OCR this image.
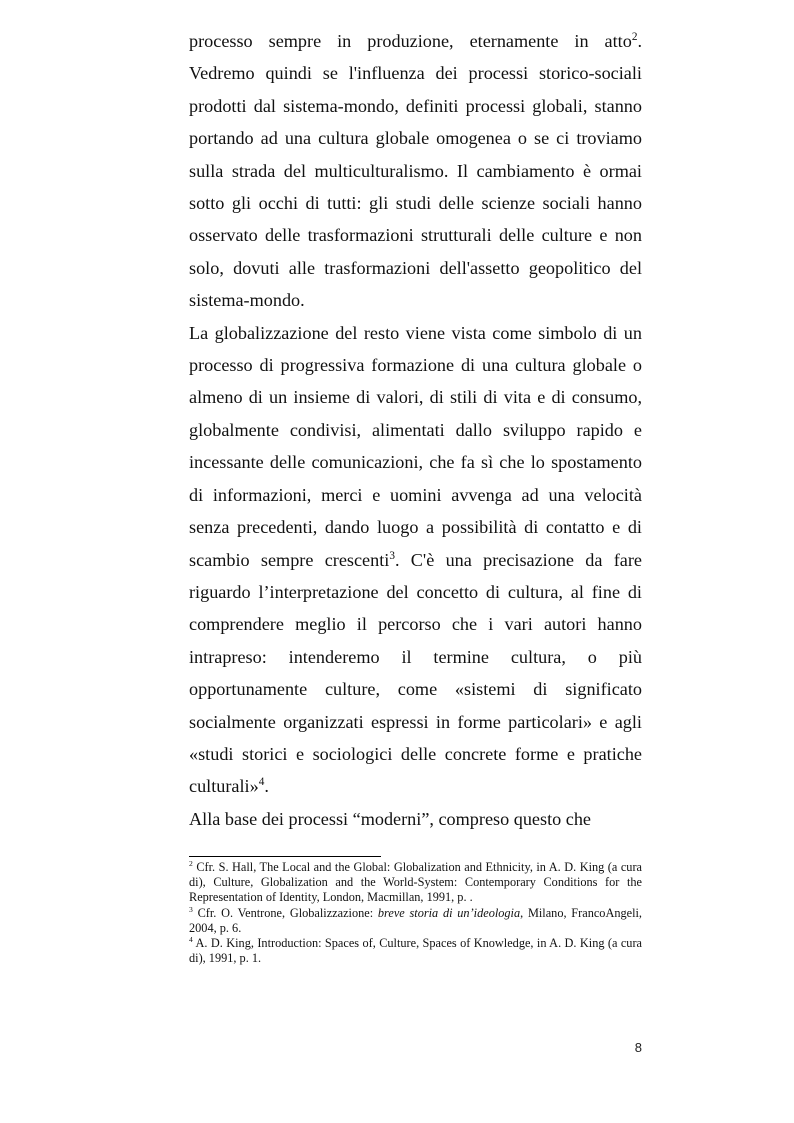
processo sempre in produzione, eternamente in atto$^2$. Vedremo quindi se l'influenza dei processi storico-sociali prodotti dal sistema-mondo, definiti processi globali, stanno portando ad una cultura globale omogenea o se ci troviamo sulla strada del multiculturalismo. Il cambiamento è ormai sotto gli occhi di tutti: gli studi delle scienze sociali hanno osservato delle trasformazioni strutturali delle culture e non solo, dovuti alle trasformazioni dell'assetto geopolitico del sistema-mondo.

La globalizzazione del resto viene vista come simbolo di un processo di progressiva formazione di una cultura globale o almeno di un insieme di valori, di stili di vita e di consumo, globalmente condivisi, alimentati dallo sviluppo rapido e incessante delle comunicazioni, che fa sì che lo spostamento di informazioni, merci e uomini avvenga ad una velocità senza precedenti, dando luogo a possibilità di contatto e di scambio sempre crescenti$^3$. C'è una precisazione da fare riguardo l’interpretazione del concetto di cultura, al fine di comprendere meglio il percorso che i vari autori hanno intrapreso: intenderemo il termine cultura, o più opportunamente culture, come «sistemi di significato socialmente organizzati espressi in forme particolari» e agli «studi storici e sociologici delle concrete forme e pratiche culturali»$^4$.

Alla base dei processi “moderni”, compreso questo che

$^2$ Cfr. S. Hall, The Local and the Global: Globalization and Ethnicity, in A. D. King (a cura di), Culture, Globalization and the World-System: Contemporary Conditions for the Representation of Identity, London, Macmillan, 1991, p. .

$^3$ Cfr. O. Ventrone, Globalizzazione: breve storia di un’ideologia, Milano, FrancoAngeli, 2004, p. 6.

$^4$ A. D. King, Introduction: Spaces of, Culture, Spaces of Knowledge, in A. D. King (a cura di), 1991, p. 1.

8
